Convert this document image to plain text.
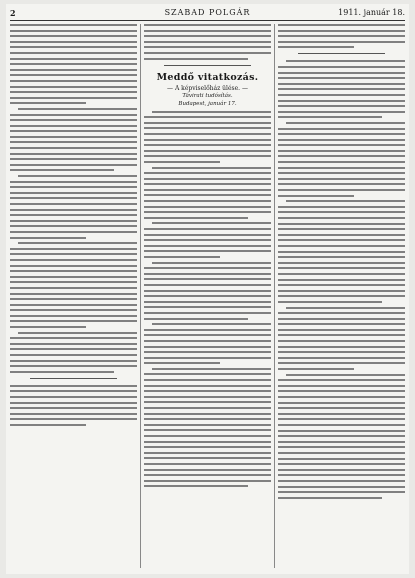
2	SZABAD POLGÁR	1911. január 18.
Meddő vitatkozás.
— A képviselőház ülése. —
Távirati tudósítás.
Budapest, január 17.
